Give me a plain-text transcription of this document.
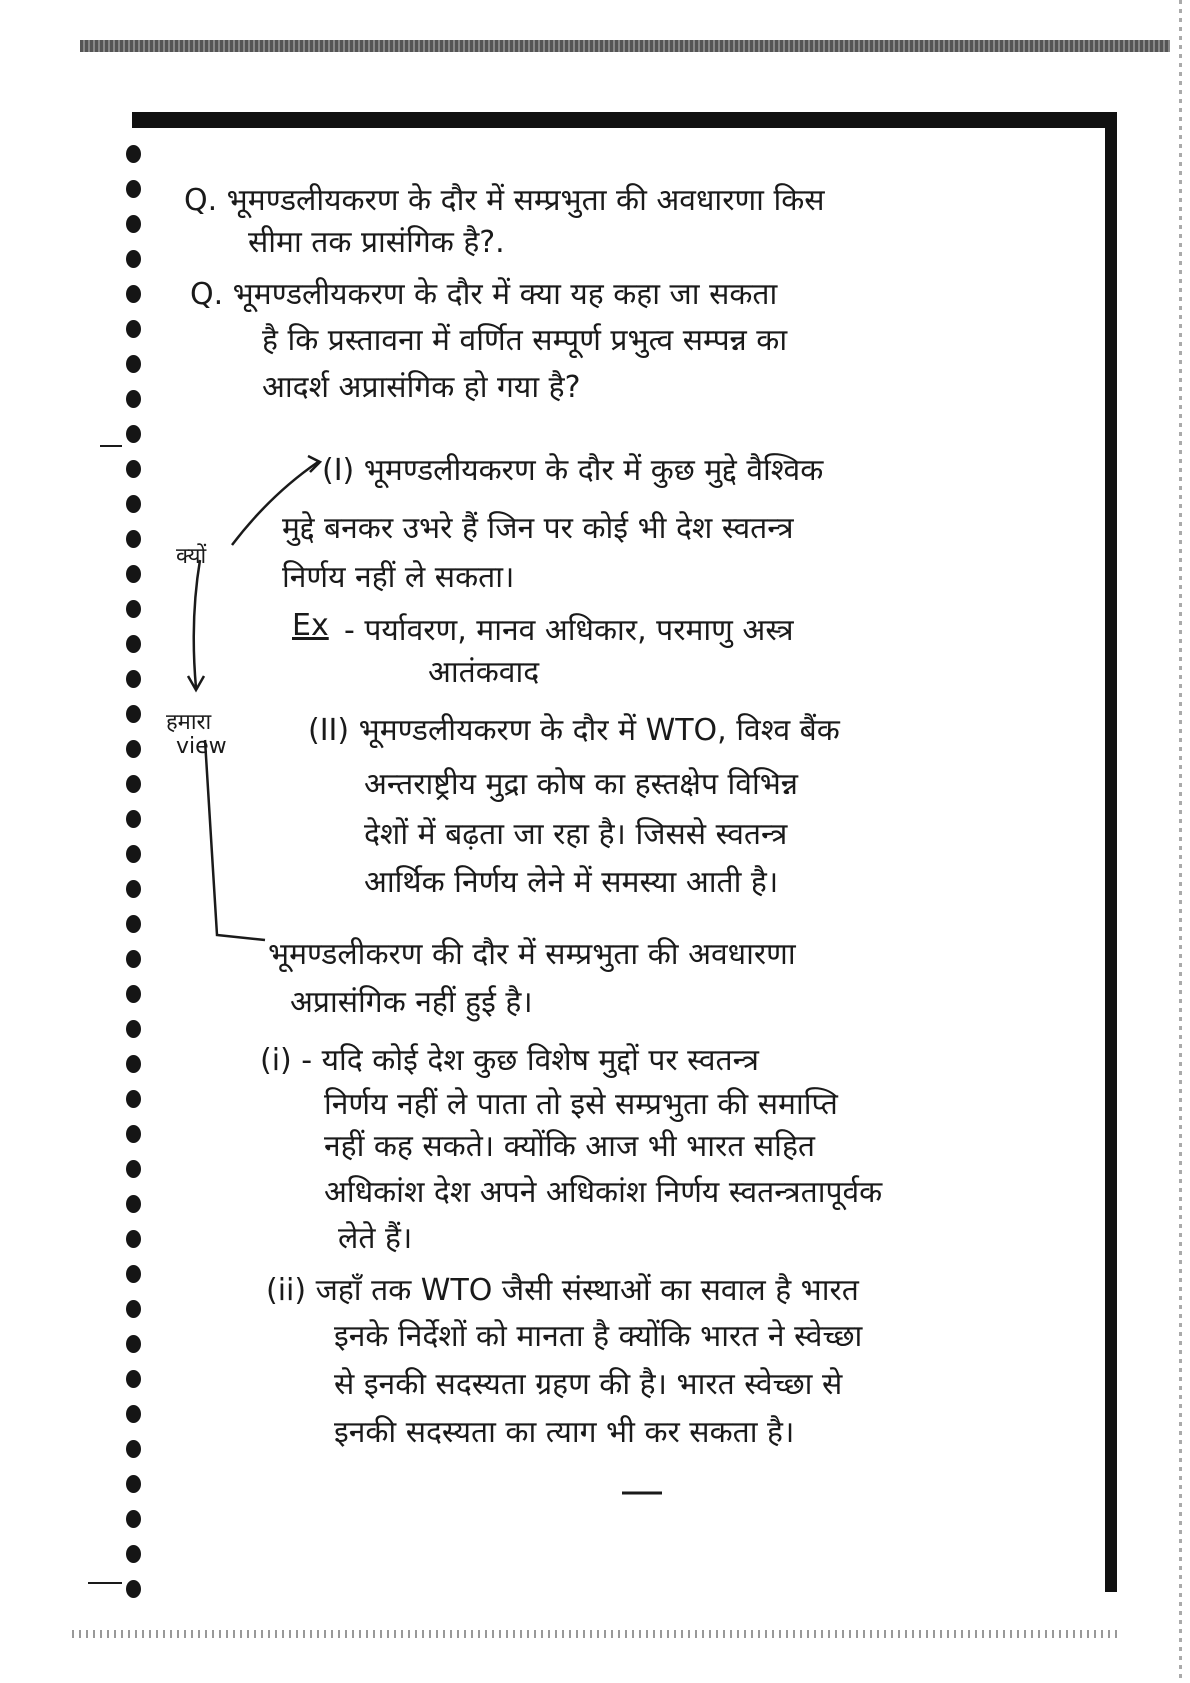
Q. भूमण्डलीयकरण के दौर में सम्प्रभुता की अवधारणा किस
सीमा तक प्रासंगिक है?.
Q. भूमण्डलीयकरण के दौर में क्या यह कहा जा सकता
है कि प्रस्तावना में वर्णित सम्पूर्ण प्रभुत्व सम्पन्न का
आदर्श अप्रासंगिक हो गया है?
क्यों
हमारा
view
(I) भूमण्डलीयकरण के दौर में कुछ मुद्दे वैश्विक
मुद्दे बनकर उभरे हैं जिन पर कोई भी देश स्वतन्त्र
निर्णय नहीं ले सकता।
Ex - पर्यावरण, मानव अधिकार, परमाणु अस्त्र
आतंकवाद
(II) भूमण्डलीयकरण के दौर में WTO, विश्व बैंक
अन्तराष्ट्रीय मुद्रा कोष का हस्तक्षेप विभिन्न
देशों में बढ़ता जा रहा है। जिससे स्वतन्त्र
आर्थिक निर्णय लेने में समस्या आती है।
भूमण्डलीकरण की दौर में सम्प्रभुता की अवधारणा
अप्रासंगिक नहीं हुई है।
(i) - यदि कोई देश कुछ विशेष मुद्दों पर स्वतन्त्र
निर्णय नहीं ले पाता तो इसे सम्प्रभुता की समाप्ति
नहीं कह सकते। क्योंकि आज भी भारत सहित
अधिकांश देश अपने अधिकांश निर्णय स्वतन्त्रतापूर्वक
लेते हैं।
(ii) जहाँ तक WTO जैसी संस्थाओं का सवाल है भारत
इनके निर्देशों को मानता है क्योंकि भारत ने स्वेच्छा
से इनकी सदस्यता ग्रहण की है। भारत स्वेच्छा से
इनकी सदस्यता का त्याग भी कर सकता है।
